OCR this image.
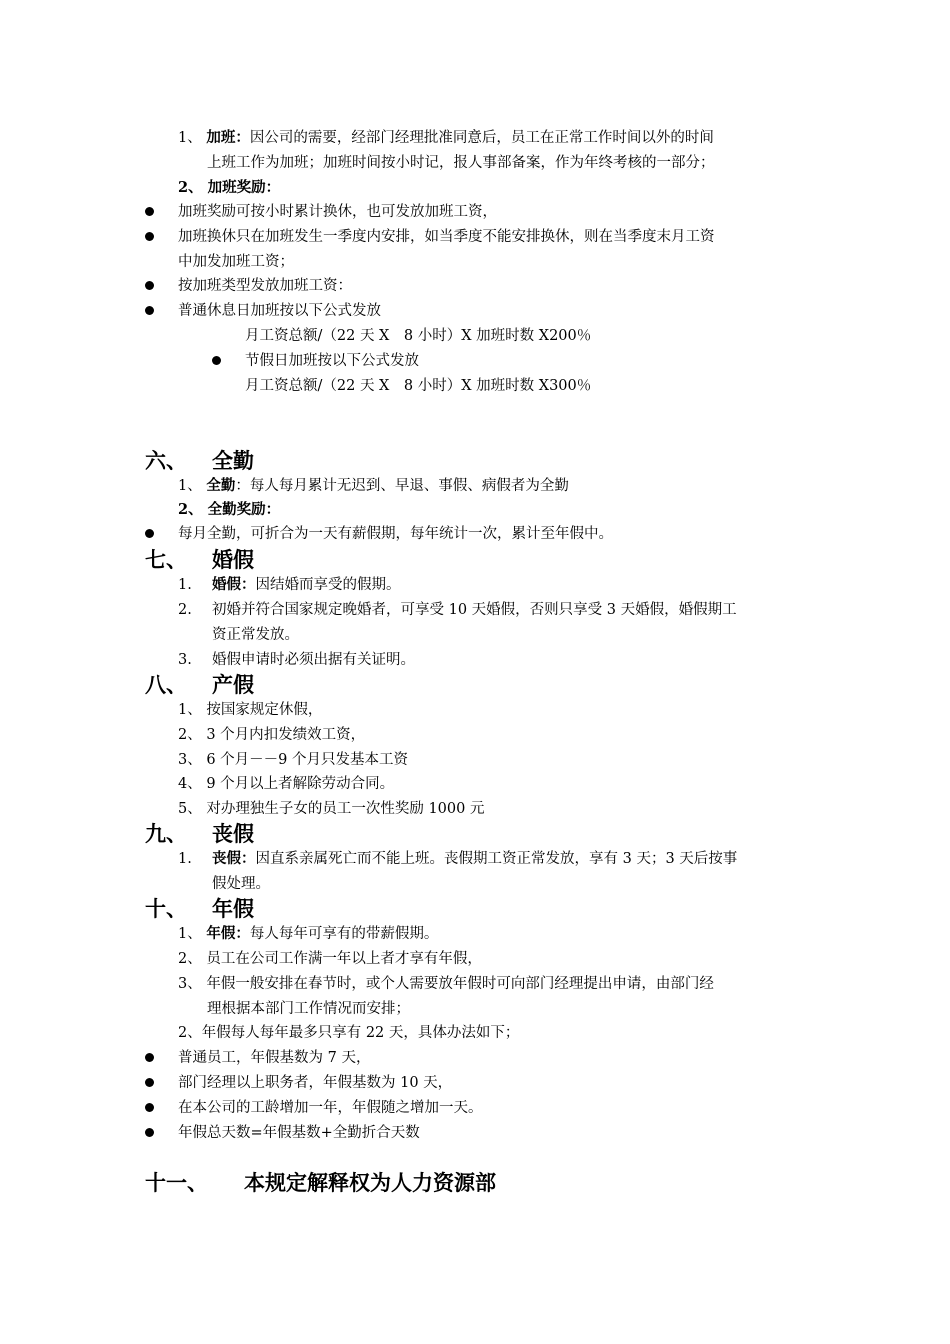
1、 加班：因公司的需要，经部门经理批准同意后，员工在正常工作时间以外的时间
上班工作为加班；加班时间按小时记，报人事部备案，作为年终考核的一部分；
2、 加班奖励：
加班奖励可按小时累计换休，也可发放加班工资，
加班换休只在加班发生一季度内安排，如当季度不能安排换休，则在当季度末月工资
中加发加班工资；
按加班类型发放加班工资：
普通休息日加班按以下公式发放
月工资总额/（22 天 X　8 小时）X 加班时数 X200％
节假日加班按以下公式发放
月工资总额/（22 天 X　8 小时）X 加班时数 X300％
六、 全勤
1、 全勤：每人每月累计无迟到、早退、事假、病假者为全勤
2、 全勤奖励：
每月全勤，可折合为一天有薪假期，每年统计一次，累计至年假中。
七、 婚假
1. 婚假：因结婚而享受的假期。
2. 初婚并符合国家规定晚婚者，可享受 10 天婚假，否则只享受 3 天婚假，婚假期工
资正常发放。
3. 婚假申请时必须出据有关证明。
八、 产假
1、 按国家规定休假，
2、 3 个月内扣发绩效工资，
3、 6 个月－－9 个月只发基本工资
4、 9 个月以上者解除劳动合同。
5、 对办理独生子女的员工一次性奖励 1000 元
九、 丧假
1. 丧假：因直系亲属死亡而不能上班。丧假期工资正常发放，享有 3 天；3 天后按事
假处理。
十、 年假
1、 年假：每人每年可享有的带薪假期。
2、 员工在公司工作满一年以上者才享有年假，
3、 年假一般安排在春节时，或个人需要放年假时可向部门经理提出申请，由部门经
理根据本部门工作情况而安排；
2、年假每人每年最多只享有 22 天，具体办法如下；
普通员工，年假基数为 7 天，
部门经理以上职务者，年假基数为 10 天，
在本公司的工龄增加一年，年假随之增加一天。
年假总天数=年假基数+全勤折合天数
十一、 本规定解释权为人力资源部
